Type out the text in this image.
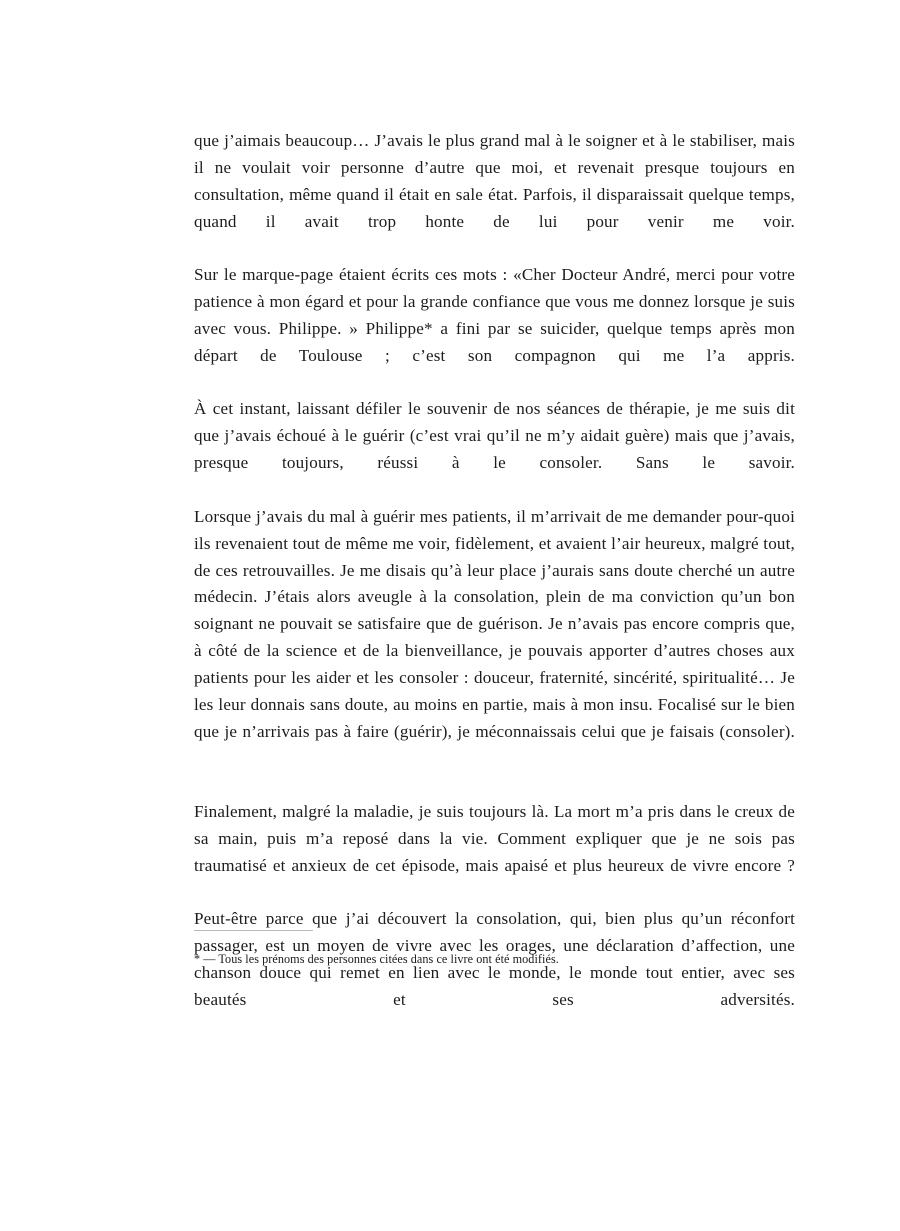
que j’aimais beaucoup… J’avais le plus grand mal à le soigner et à le stabiliser, mais il ne voulait voir personne d’autre que moi, et revenait presque toujours en consultation, même quand il était en sale état. Parfois, il disparaissait quelque temps, quand il avait trop honte de lui pour venir me voir.

Sur le marque-page étaient écrits ces mots : «Cher Docteur André, merci pour votre patience à mon égard et pour la grande confiance que vous me donnez lorsque je suis avec vous. Philippe. » Philippe* a fini par se suicider, quelque temps après mon départ de Toulouse ; c’est son compagnon qui me l’a appris.

À cet instant, laissant défiler le souvenir de nos séances de thérapie, je me suis dit que j’avais échoué à le guérir (c’est vrai qu’il ne m’y aidait guère) mais que j’avais, presque toujours, réussi à le consoler. Sans le savoir.

Lorsque j’avais du mal à guérir mes patients, il m’arrivait de me demander pour-quoi ils revenaient tout de même me voir, fidèlement, et avaient l’air heureux, malgré tout, de ces retrouvailles. Je me disais qu’à leur place j’aurais sans doute cherché un autre médecin. J’étais alors aveugle à la consolation, plein de ma conviction qu’un bon soignant ne pouvait se satisfaire que de guérison. Je n’avais pas encore compris que, à côté de la science et de la bienveillance, je pouvais apporter d’autres choses aux patients pour les aider et les consoler : douceur, fraternité, sincérité, spiritualité… Je les leur donnais sans doute, au moins en partie, mais à mon insu. Focalisé sur le bien que je n’arrivais pas à faire (guérir), je méconnaissais celui que je faisais (consoler).

Finalement, malgré la maladie, je suis toujours là. La mort m’a pris dans le creux de sa main, puis m’a reposé dans la vie. Comment expliquer que je ne sois pas traumatisé et anxieux de cet épisode, mais apaisé et plus heureux de vivre encore ?

Peut-être parce que j’ai découvert la consolation, qui, bien plus qu’un réconfort passager, est un moyen de vivre avec les orages, une déclaration d’affection, une chanson douce qui remet en lien avec le monde, le monde tout entier, avec ses beautés et ses adversités.

* — Tous les prénoms des personnes citées dans ce livre ont été modifiés.
